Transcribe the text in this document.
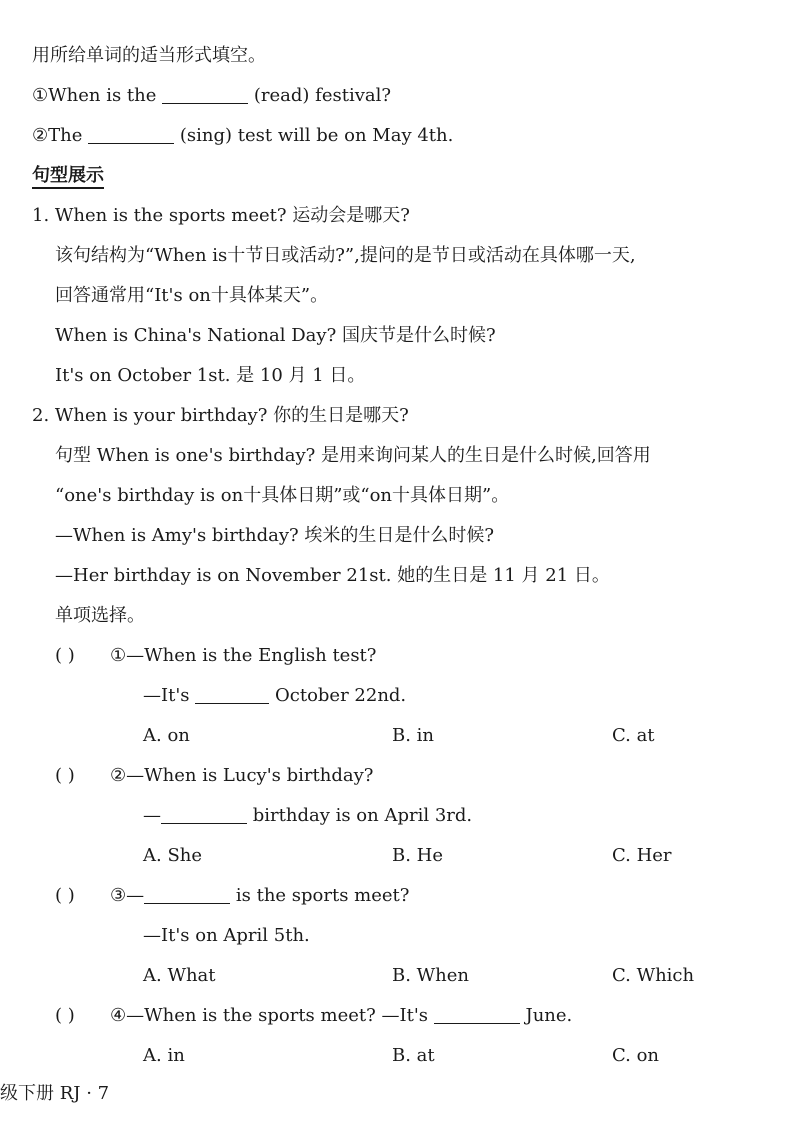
用所给单词的适当形式填空。
①When is the	(read) festival?
②The	(sing) test will be on May 4th.
句型展示
1. When is the sports meet? 运动会是哪天?
该句结构为“When is十节日或活动?”,提问的是节日或活动在具体哪一天,
回答通常用“It's on十具体某天”。
When is China's National Day? 国庆节是什么时候?
It's on October 1st. 是 10 月 1 日。
2. When is your birthday? 你的生日是哪天?
句型 When is one's birthday? 是用来询问某人的生日是什么时候,回答用
“one's birthday is on十具体日期”或“on十具体日期”。
—When is Amy's birthday? 埃米的生日是什么时候?
—Her birthday is on November 21st. 她的生日是 11 月 21 日。
单项选择。
( ) ①—When is the English test?
—It's	October 22nd.
A. on	B. in	C. at
( ) ②—When is Lucy's birthday?
—	birthday is on April 3rd.
A. She	B. He	C. Her
( ) ③—	is the sports meet?
—It's on April 5th.
A. What	B. When	C. Which
( ) ④—When is the sports meet? —It's	June.
A. in	B. at	C. on
级下册 RJ · 7
